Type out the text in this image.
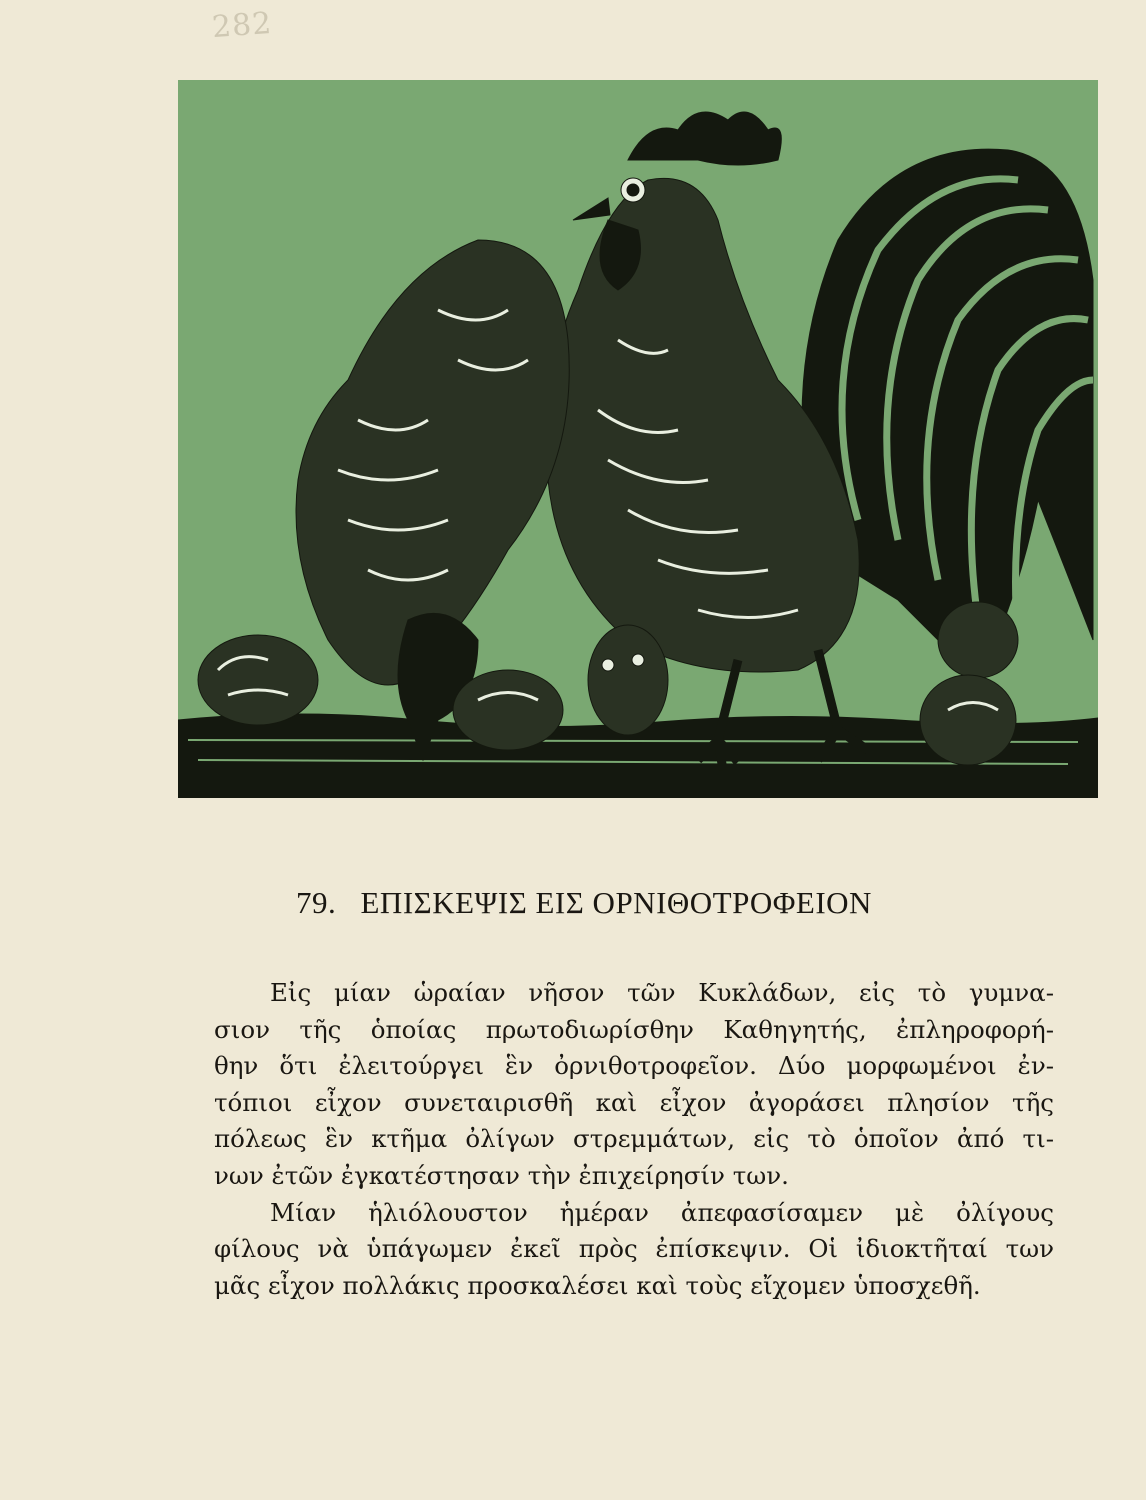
282
79. ΕΠΙΣΚΕΨΙΣ ΕΙΣ ΟΡΝΙΘΟΤΡΟΦΕΙΟΝ
Εἰς μίαν ὡραίαν νῆσον τῶν Κυκλάδων, εἰς τὸ γυμνα-
σιον τῆς ὁποίας πρωτοδιωρίσθην Καθηγητής, ἐπληροφορή-
θην ὅτι ἐλειτούργει ἓν ὀρνιθοτροφεῖον. Δύο μορφωμένοι ἐν-
τόπιοι εἶχον συνεταιρισθῆ καὶ εἶχον ἀγοράσει πλησίον τῆς
πόλεως ἓν κτῆμα ὀλίγων στρεμμάτων, εἰς τὸ ὁποῖον ἀπό τι-
νων ἐτῶν ἐγκατέστησαν τὴν ἐπιχείρησίν των.
Μίαν ἡλιόλουστον ἡμέραν ἀπεφασίσαμεν μὲ ὀλίγους
φίλους νὰ ὑπάγωμεν ἐκεῖ πρὸς ἐπίσκεψιν. Οἱ ἰδιοκτῆταί των
μᾶς εἶχον πολλάκις προσκαλέσει καὶ τοὺς εἴχομεν ὑποσχεθῆ.
